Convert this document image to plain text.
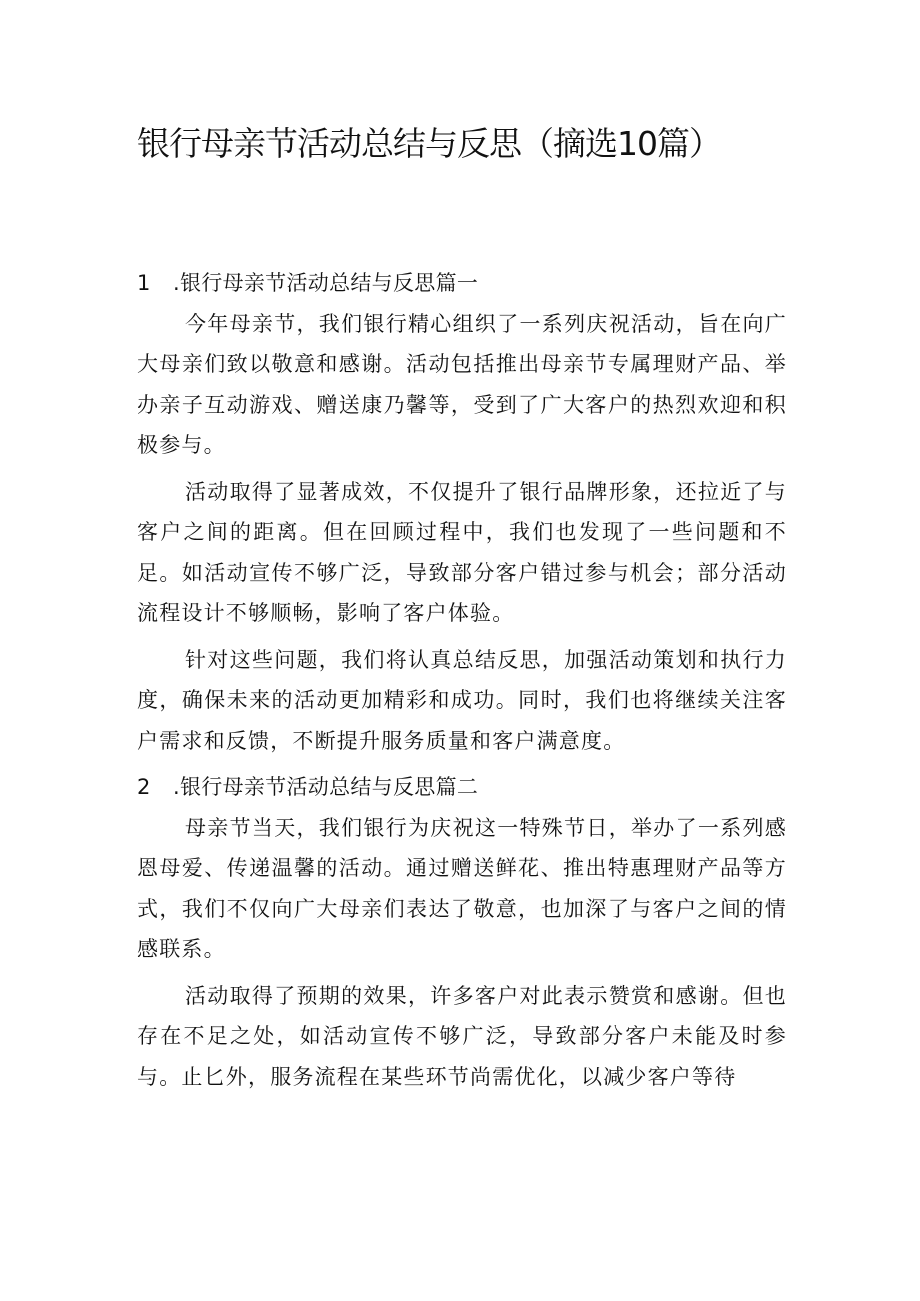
银行母亲节活动总结与反思（摘选10篇）
1 .银行母亲节活动总结与反思篇一

今年母亲节，我们银行精心组织了一系列庆祝活动，旨在向广大母亲们致以敬意和感谢。活动包括推出母亲节专属理财产品、举办亲子互动游戏、赠送康乃馨等，受到了广大客户的热烈欢迎和积极参与。

活动取得了显著成效，不仅提升了银行品牌形象，还拉近了与客户之间的距离。但在回顾过程中，我们也发现了一些问题和不足。如活动宣传不够广泛，导致部分客户错过参与机会；部分活动流程设计不够顺畅，影响了客户体验。

针对这些问题，我们将认真总结反思，加强活动策划和执行力度，确保未来的活动更加精彩和成功。同时，我们也将继续关注客户需求和反馈，不断提升服务质量和客户满意度。

2 .银行母亲节活动总结与反思篇二

母亲节当天，我们银行为庆祝这一特殊节日，举办了一系列感恩母爱、传递温馨的活动。通过赠送鲜花、推出特惠理财产品等方式，我们不仅向广大母亲们表达了敬意，也加深了与客户之间的情感联系。

活动取得了预期的效果，许多客户对此表示赞赏和感谢。但也存在不足之处，如活动宣传不够广泛，导致部分客户未能及时参与。止匕外，服务流程在某些环节尚需优化，以减少客户等待
